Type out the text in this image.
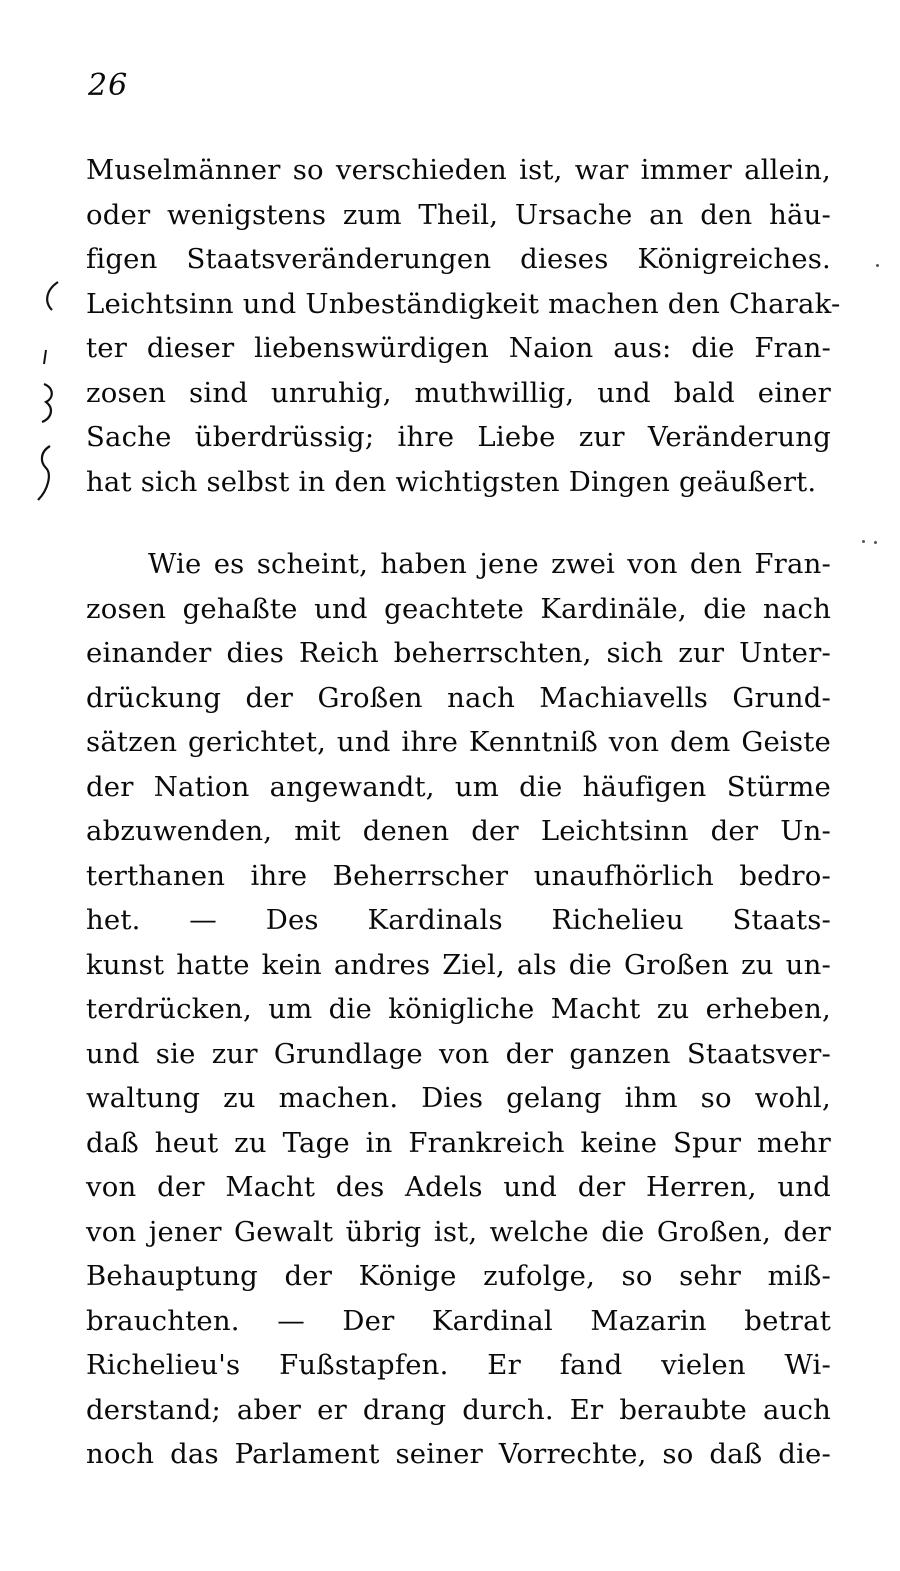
26
Muselmänner so verschieden ist, war immer allein,
oder wenigstens zum Theil, Ursache an den häu-
figen Staatsveränderungen dieses Königreiches.
Leichtsinn und Unbeständigkeit machen den Charak-
ter dieser liebenswürdigen Naion aus: die Fran-
zosen sind unruhig, muthwillig, und bald einer
Sache überdrüssig; ihre Liebe zur Veränderung
hat sich selbst in den wichtigsten Dingen geäußert.
Wie es scheint, haben jene zwei von den Fran-
zosen gehaßte und geachtete Kardinäle, die nach
einander dies Reich beherrschten, sich zur Unter-
drückung der Großen nach Machiavells Grund-
sätzen gerichtet, und ihre Kenntniß von dem Geiste
der Nation angewandt, um die häufigen Stürme
abzuwenden, mit denen der Leichtsinn der Un-
terthanen ihre Beherrscher unaufhörlich bedro-
het. — Des Kardinals Richelieu Staats-
kunst hatte kein andres Ziel, als die Großen zu un-
terdrücken, um die königliche Macht zu erheben,
und sie zur Grundlage von der ganzen Staatsver-
waltung zu machen. Dies gelang ihm so wohl,
daß heut zu Tage in Frankreich keine Spur mehr
von der Macht des Adels und der Herren, und
von jener Gewalt übrig ist, welche die Großen, der
Behauptung der Könige zufolge, so sehr miß-
brauchten. — Der Kardinal Mazarin betrat
Richelieu's Fußstapfen. Er fand vielen Wi-
derstand; aber er drang durch. Er beraubte auch
noch das Parlament seiner Vorrechte, so daß die-
